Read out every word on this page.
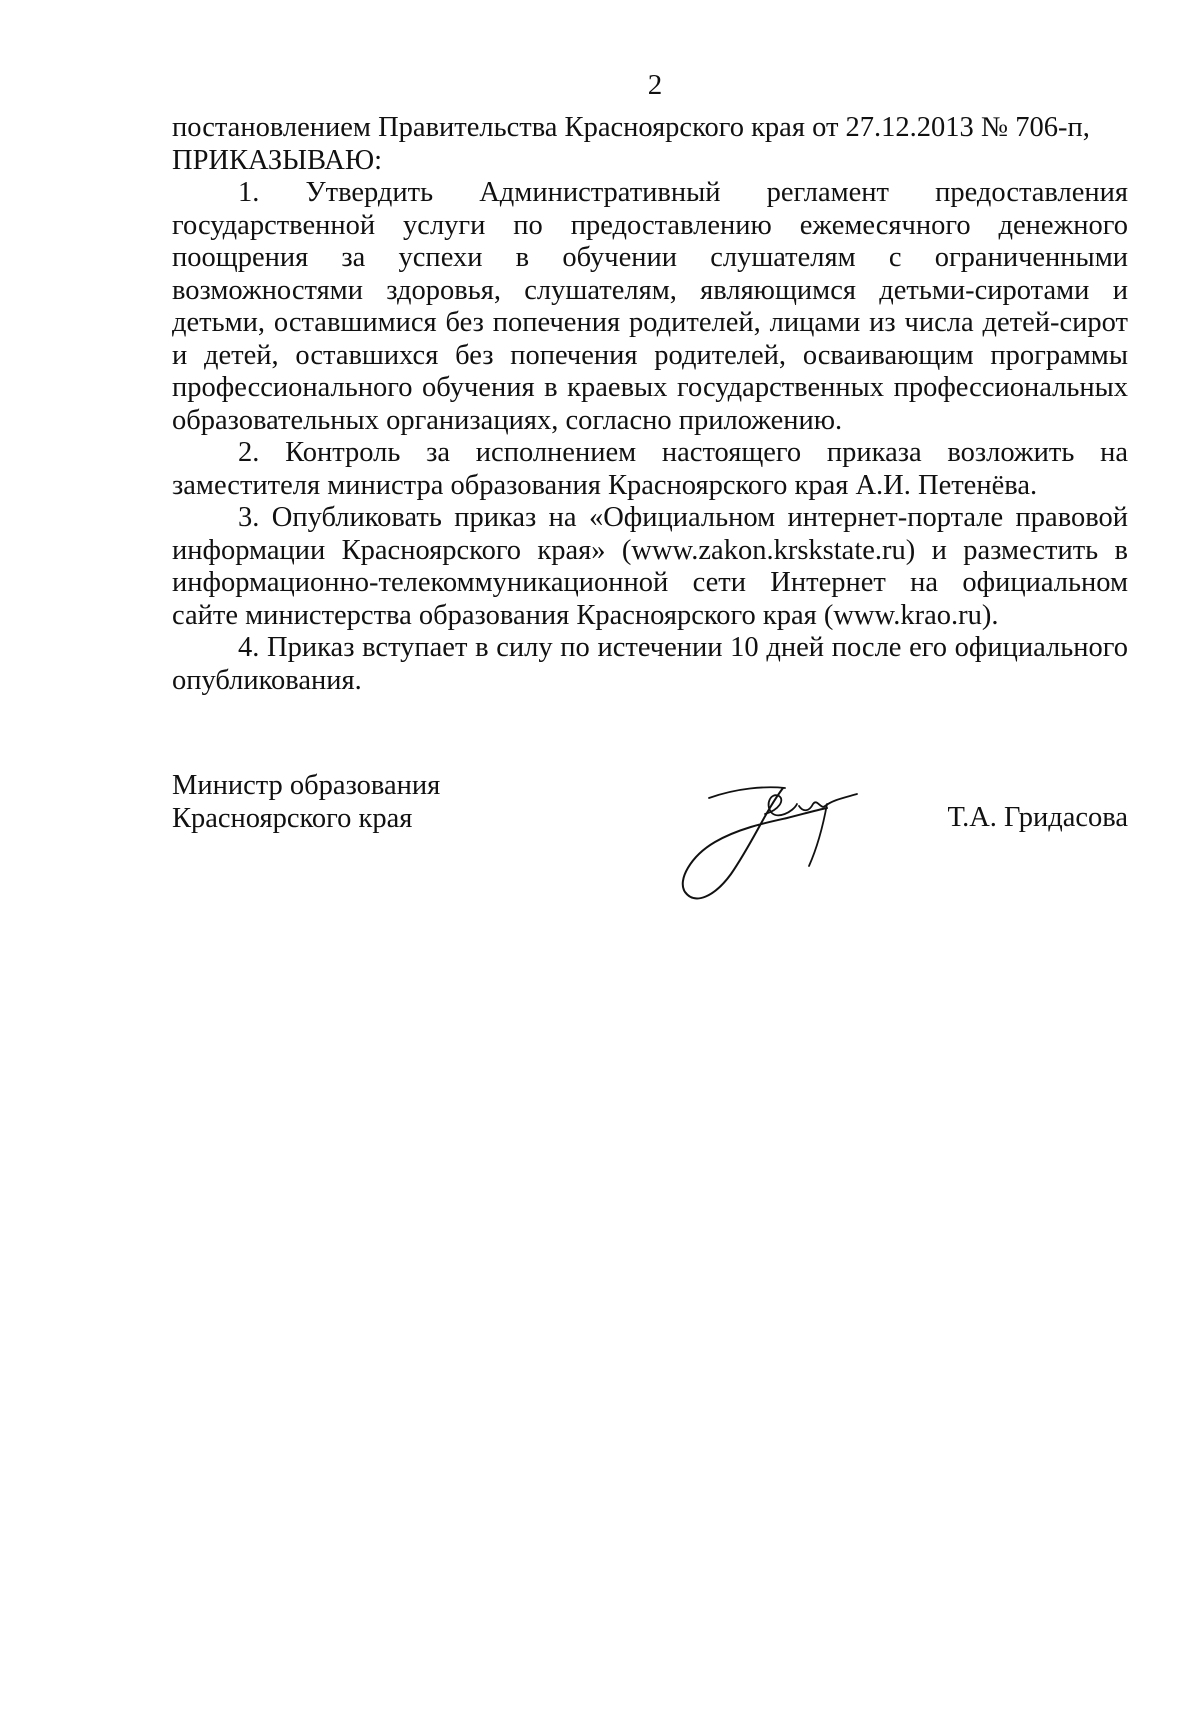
2

постановлением Правительства Красноярского края от 27.12.2013 № 706-п,

ПРИКАЗЫВАЮ:

1. Утвердить Административный регламент предоставления государственной услуги по предоставлению ежемесячного денежного поощрения за успехи в обучении слушателям с ограниченными возможностями здоровья, слушателям, являющимся детьми-сиротами и детьми, оставшимися без попечения родителей, лицами из числа детей-сирот и детей, оставшихся без попечения родителей, осваивающим программы профессионального обучения в краевых государственных профессиональных образовательных организациях, согласно приложению.

2. Контроль за исполнением настоящего приказа возложить на заместителя министра образования Красноярского края А.И. Петенёва.

3. Опубликовать приказ на «Официальном интернет-портале правовой информации Красноярского края» (www.zakon.krskstate.ru) и разместить в информационно-телекоммуникационной сети Интернет на официальном сайте министерства образования Красноярского края (www.krao.ru).

4. Приказ вступает в силу по истечении 10 дней после его официального опубликования.

Министр образования
Красноярского края	Т.А. Гридасова
